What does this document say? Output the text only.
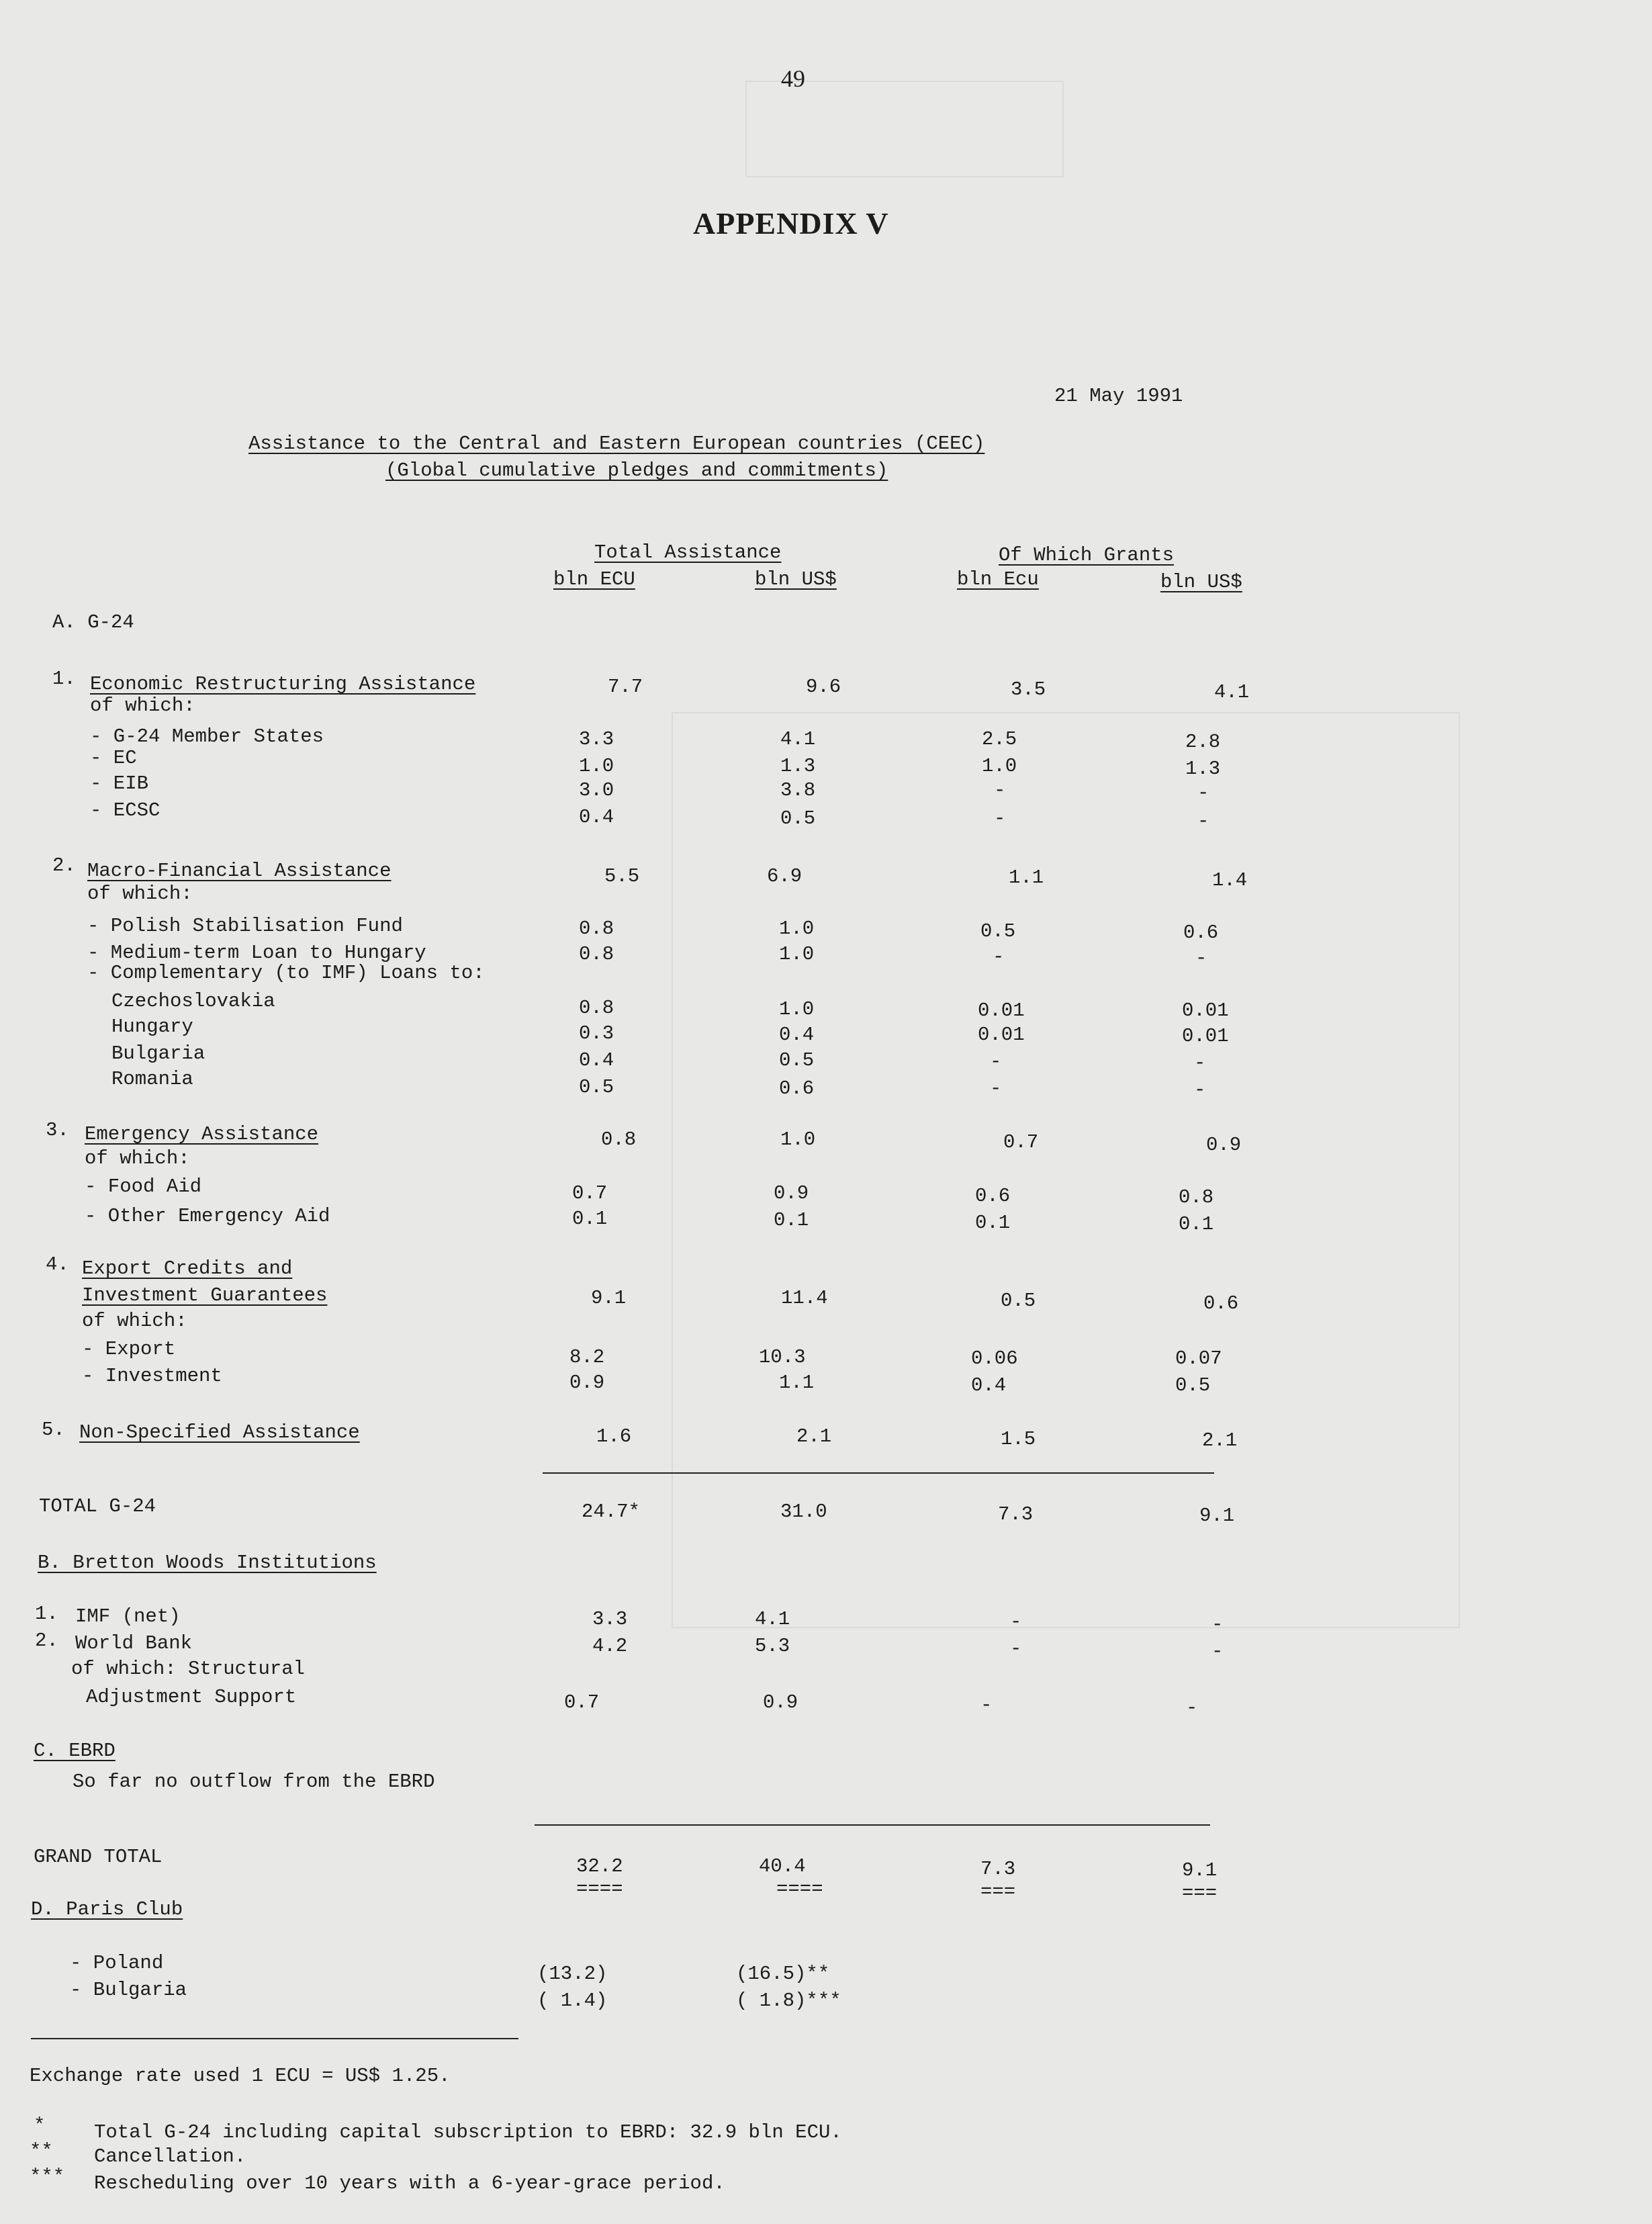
49
APPENDIX V
21 May 1991
Assistance to the Central and Eastern European countries (CEEC)
(Global cumulative pledges and commitments)
Total Assistance	Of Which Grants
bln ECU	bln US$	bln Ecu	bln US$
A. G-24
1. Economic Restructuring Assistance	7.7	9.6	3.5	4.1
of which:
- G-24 Member States	3.3	4.1	2.5	2.8
- EC	1.0	1.3	1.0	1.3
- EIB	3.0	3.8	-	-
- ECSC	0.4	0.5	-	-
2. Macro-Financial Assistance	5.5	6.9	1.1	1.4
of which:
- Polish Stabilisation Fund	0.8	1.0	0.5	0.6
- Medium-term Loan to Hungary	0.8	1.0	-	-
- Complementary (to IMF) Loans to:
Czechoslovakia	0.8	1.0	0.01	0.01
Hungary	0.3	0.4	0.01	0.01
Bulgaria	0.4	0.5	-	-
Romania	0.5	0.6	-	-
3. Emergency Assistance	0.8	1.0	0.7	0.9
of which:
- Food Aid	0.7	0.9	0.6	0.8
- Other Emergency Aid	0.1	0.1	0.1	0.1
4. Export Credits and
Investment Guarantees	9.1	11.4	0.5	0.6
of which:
- Export	8.2	10.3	0.06	0.07
- Investment	0.9	1.1	0.4	0.5
5. Non-Specified Assistance	1.6	2.1	1.5	2.1
TOTAL G-24	24.7*	31.0	7.3	9.1
B. Bretton Woods Institutions
1. IMF (net)	3.3	4.1	-	-
2. World Bank	4.2	5.3	-	-
of which: Structural
Adjustment Support	0.7	0.9	-	-
C. EBRD
So far no outflow from the EBRD
GRAND TOTAL	32.2	40.4	7.3	9.1
====	====	===	===
D. Paris Club
- Poland	(13.2)	(16.5)**
- Bulgaria	( 1.4)	( 1.8)***
Exchange rate used 1 ECU = US$ 1.25.
*	Total G-24 including capital subscription to EBRD: 32.9 bln ECU.
** Cancellation.
*** Rescheduling over 10 years with a 6-year-grace period.
